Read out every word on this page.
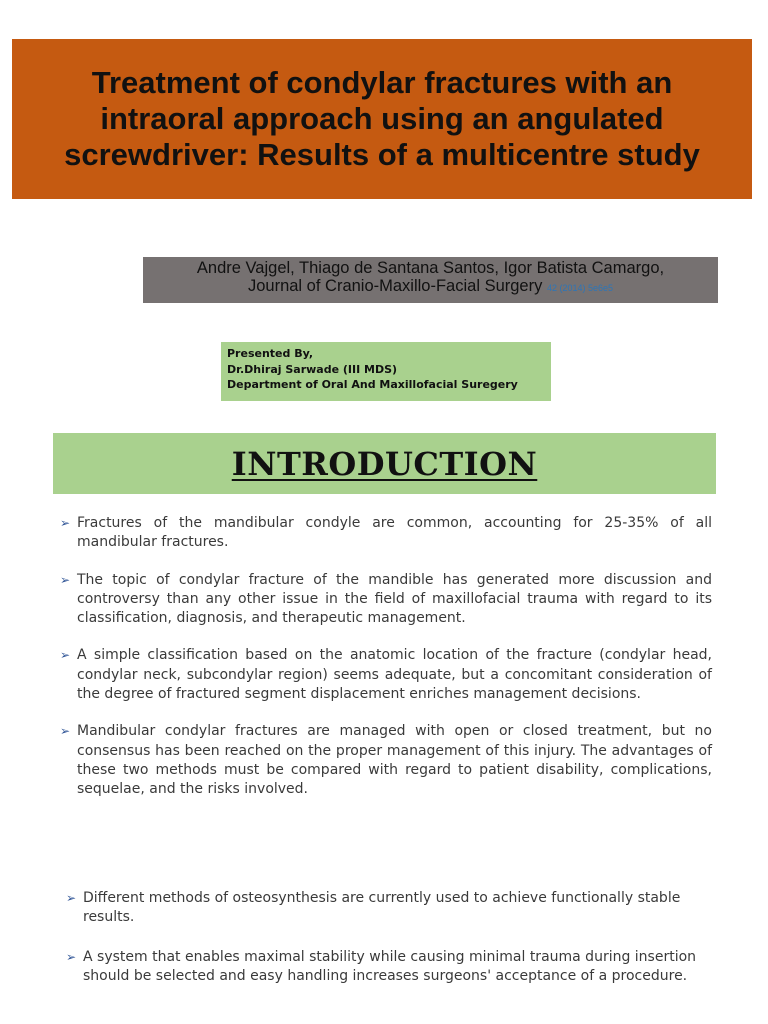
Treatment of condylar fractures with an intraoral approach using an angulated screwdriver: Results of a multicentre study
Andre Vajgel, Thiago de Santana Santos, Igor Batista Camargo,
Journal of Cranio-Maxillo-Facial Surgery 42 (2014) 5e6e5
Presented By,
Dr.Dhiraj Sarwade (III MDS)
Department of Oral And Maxillofacial Suregery
INTRODUCTION
➢ Fractures of the mandibular condyle are common, accounting for 25-35% of all mandibular fractures.
➢ The topic of condylar fracture of the mandible has generated more discussion and controversy than any other issue in the field of maxillofacial trauma with regard to its classification, diagnosis, and therapeutic management.
➢ A simple classification based on the anatomic location of the fracture (condylar head, condylar neck, subcondylar region) seems adequate, but a concomitant consideration of the degree of fractured segment displacement enriches management decisions.
➢ Mandibular condylar fractures are managed with open or closed treatment, but no consensus has been reached on the proper management of this injury. The advantages of these two methods must be compared with regard to patient disability, complications, sequelae, and the risks involved.
➢ Different methods of osteosynthesis are currently used to achieve functionally stable results.
➢ A system that enables maximal stability while causing minimal trauma during insertion should be selected and easy handling increases surgeons' acceptance of a procedure.
